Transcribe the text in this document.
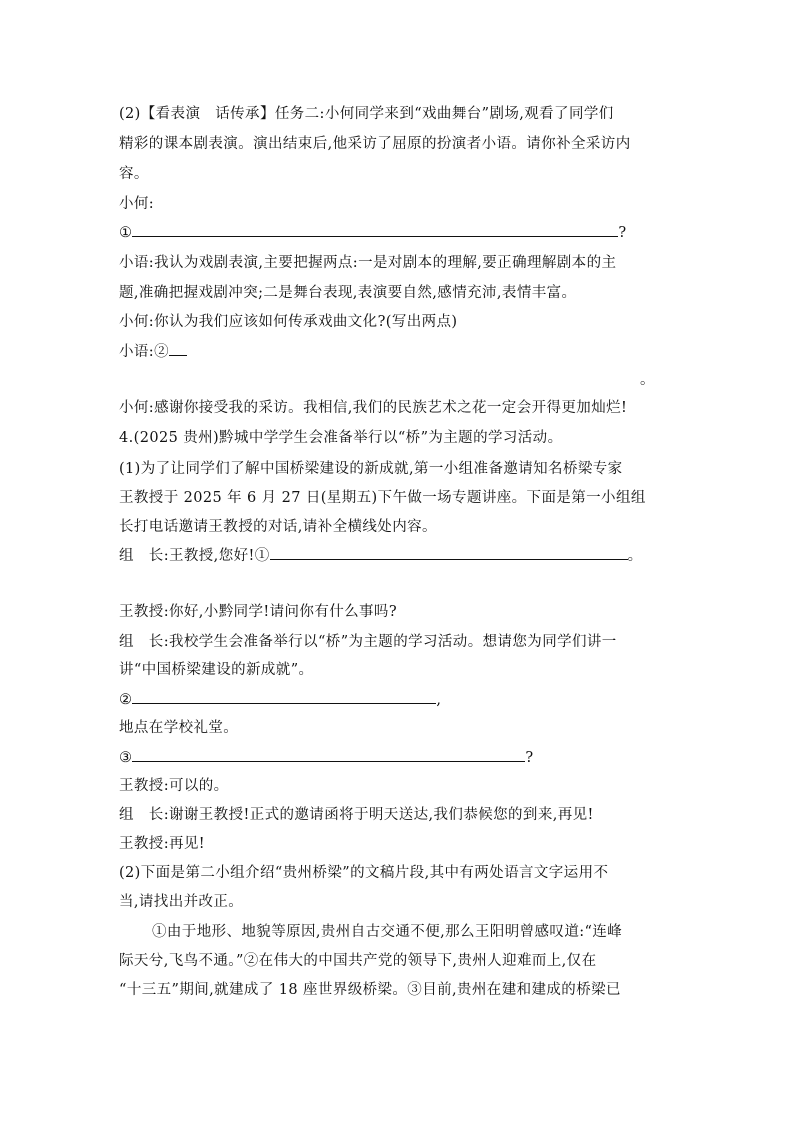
(2)【看表演　话传承】任务二:小何同学来到“戏曲舞台”剧场,观看了同学们
精彩的课本剧表演。演出结束后,他采访了屈原的扮演者小语。请你补全采访内
容。
小何:
①	?
小语:我认为戏剧表演,主要把握两点:一是对剧本的理解,要正确理解剧本的主
题,准确把握戏剧冲突;二是舞台表现,表演要自然,感情充沛,表情丰富。
小何:你认为我们应该如何传承戏曲文化?(写出两点)
小语:②
。
小何:感谢你接受我的采访。我相信,我们的民族艺术之花一定会开得更加灿烂!
4.(2025 贵州)黔城中学学生会准备举行以“桥”为主题的学习活动。
(1)为了让同学们了解中国桥梁建设的新成就,第一小组准备邀请知名桥梁专家
王教授于 2025 年 6 月 27 日(星期五)下午做一场专题讲座。下面是第一小组组
长打电话邀请王教授的对话,请补全横线处内容。
组　长:王教授,您好!①	。
王教授:你好,小黔同学!请问你有什么事吗?
组　长:我校学生会准备举行以“桥”为主题的学习活动。想请您为同学们讲一
讲“中国桥梁建设的新成就”。
②	,
地点在学校礼堂。
③	?
王教授:可以的。
组　长:谢谢王教授!正式的邀请函将于明天送达,我们恭候您的到来,再见!
王教授:再见!
(2)下面是第二小组介绍“贵州桥梁”的文稿片段,其中有两处语言文字运用不
当,请找出并改正。
①由于地形、地貌等原因,贵州自古交通不便,那么王阳明曾感叹道:“连峰
际天兮,飞鸟不通。”②在伟大的中国共产党的领导下,贵州人迎难而上,仅在
“十三五”期间,就建成了 18 座世界级桥梁。③目前,贵州在建和建成的桥梁已
